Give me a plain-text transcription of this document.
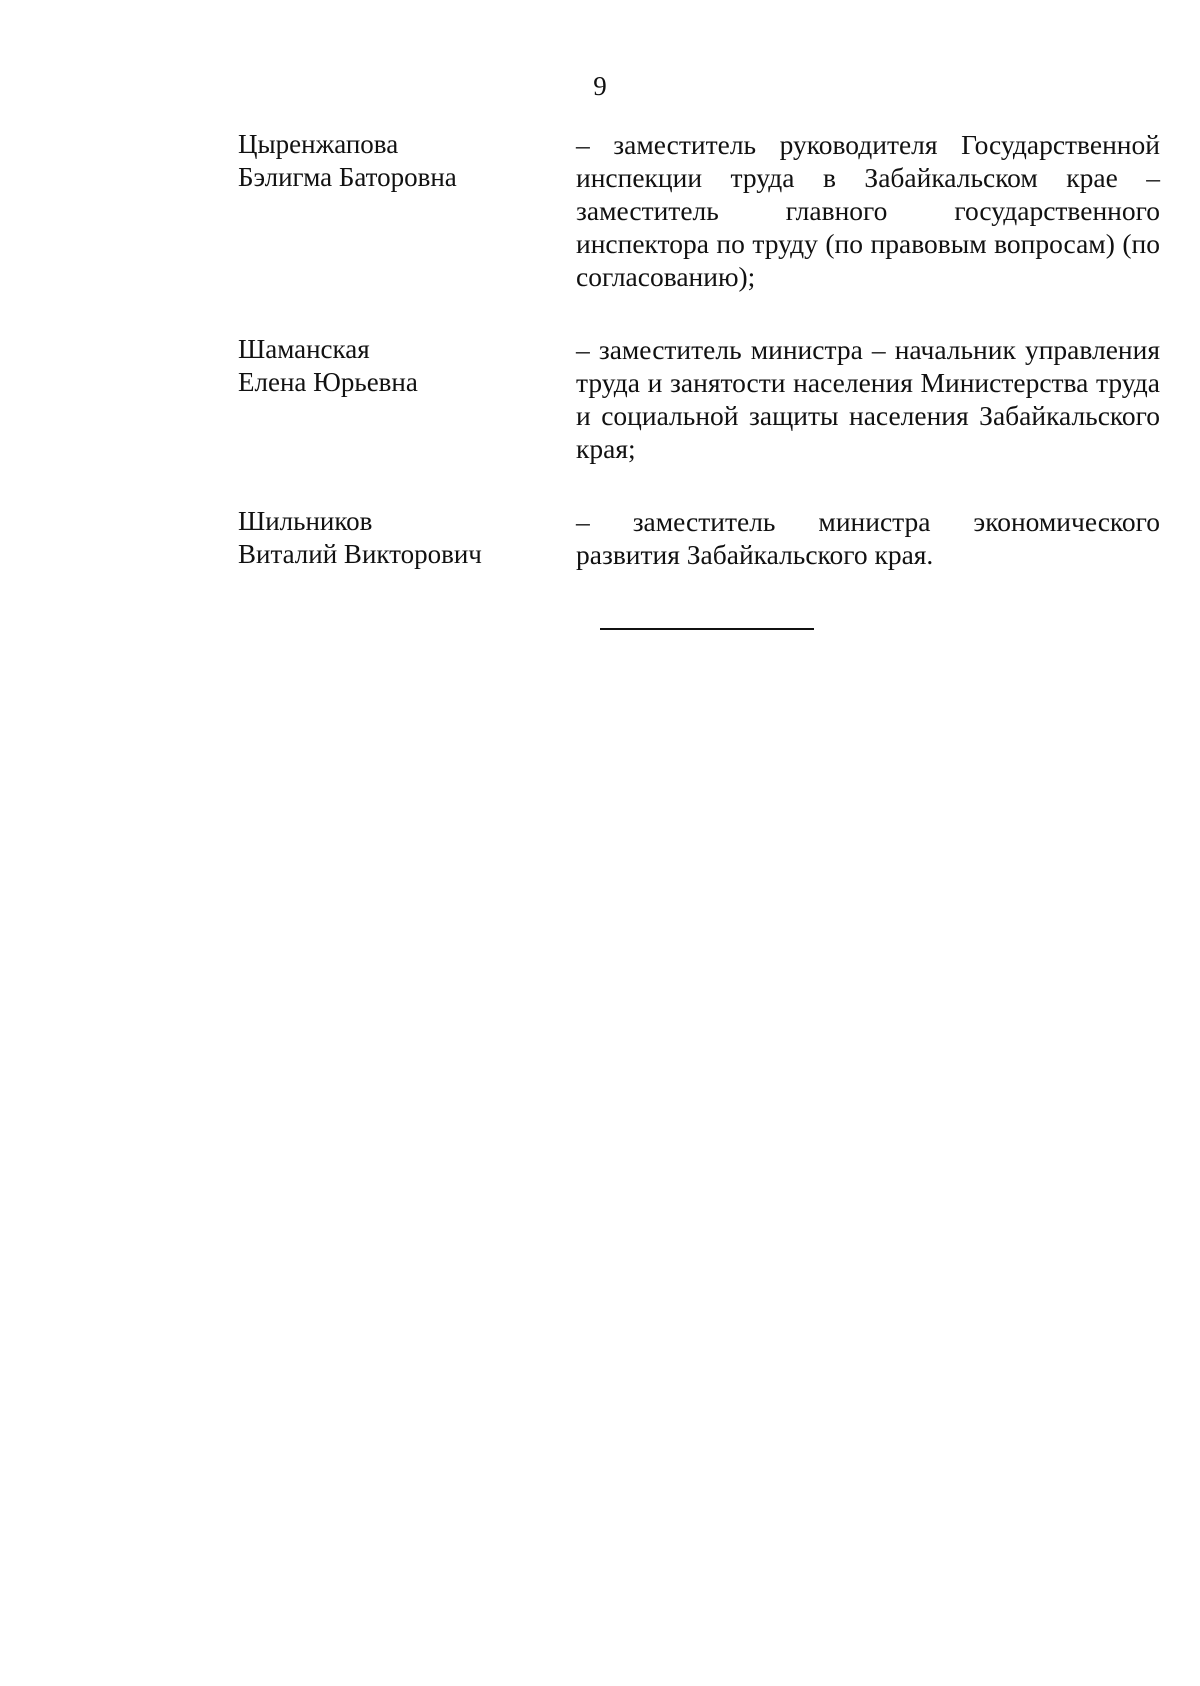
9
Цыренжапова
Бэлигма Баторовна
– заместитель руководителя Государственной инспекции труда в Забайкальском крае – заместитель главного государственного инспектора по труду (по правовым вопросам) (по согласованию);
Шаманская
Елена Юрьевна
– заместитель министра – начальник управления труда и занятости населения Министерства труда и социальной защиты населения Забайкальского края;
Шильников
Виталий Викторович
– заместитель министра экономического развития Забайкальского края.
